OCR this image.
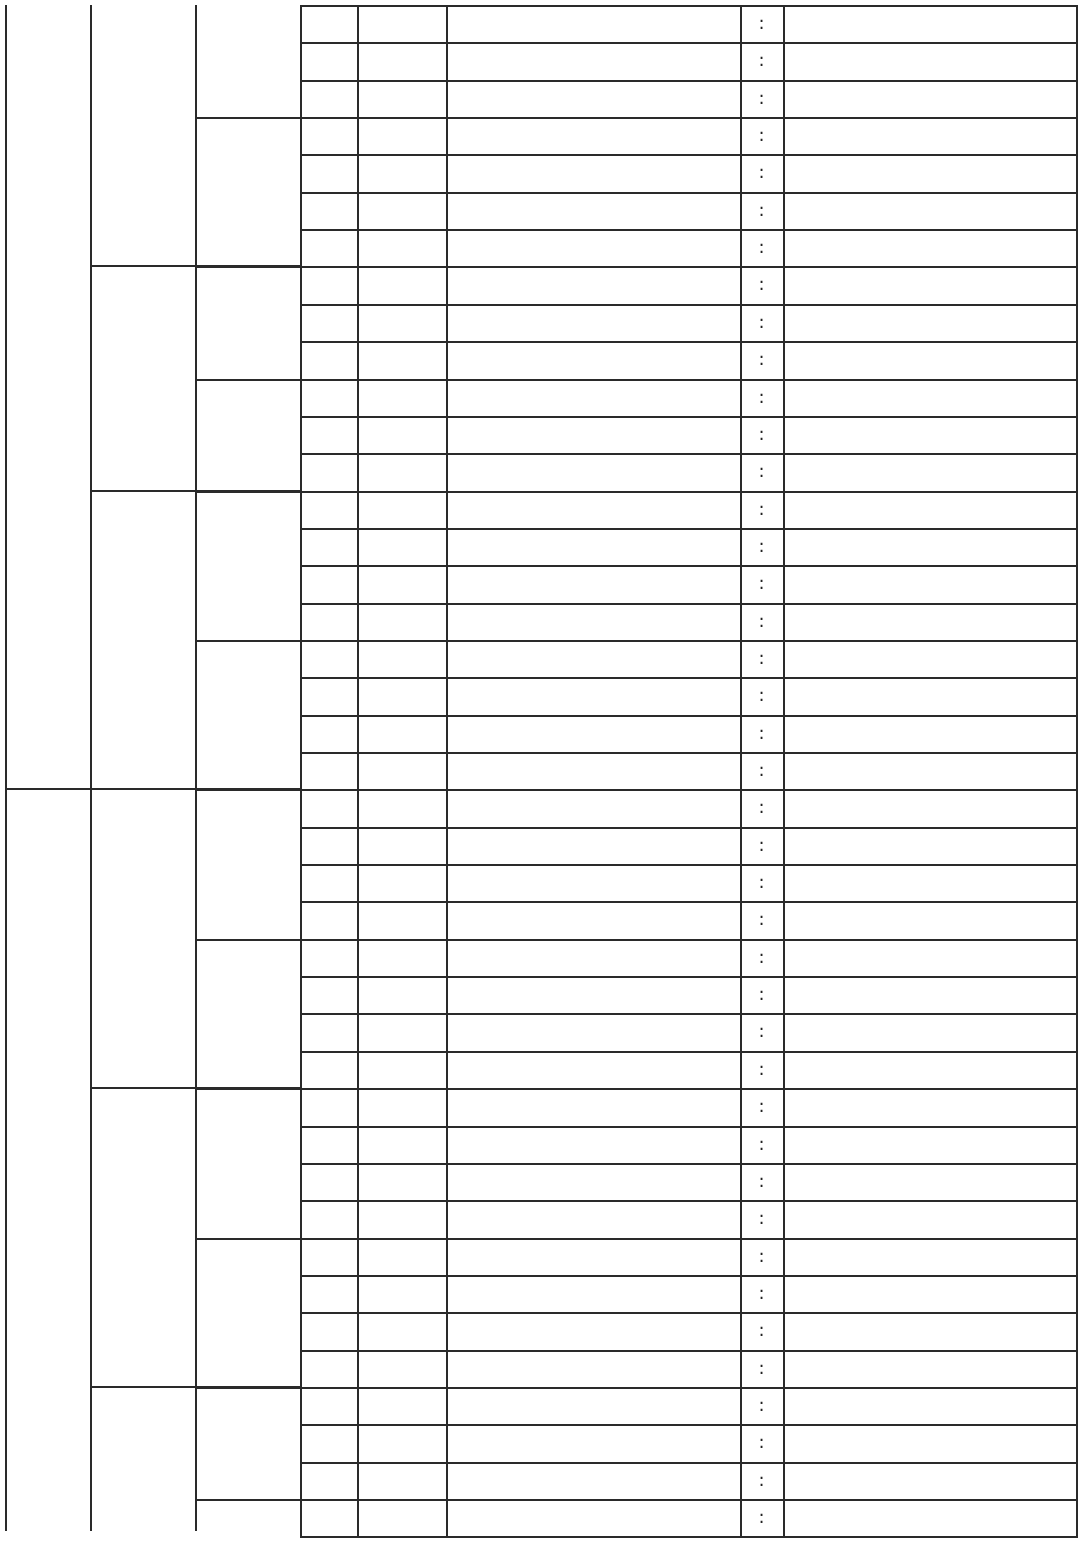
:
:
:
:
:
:
:
:
:
:
:
:
:
:
:
:
:
:
:
:
:
:
:
:
:
:
:
:
:
:
:
:
:
:
:
:
:
:
:
:
:
